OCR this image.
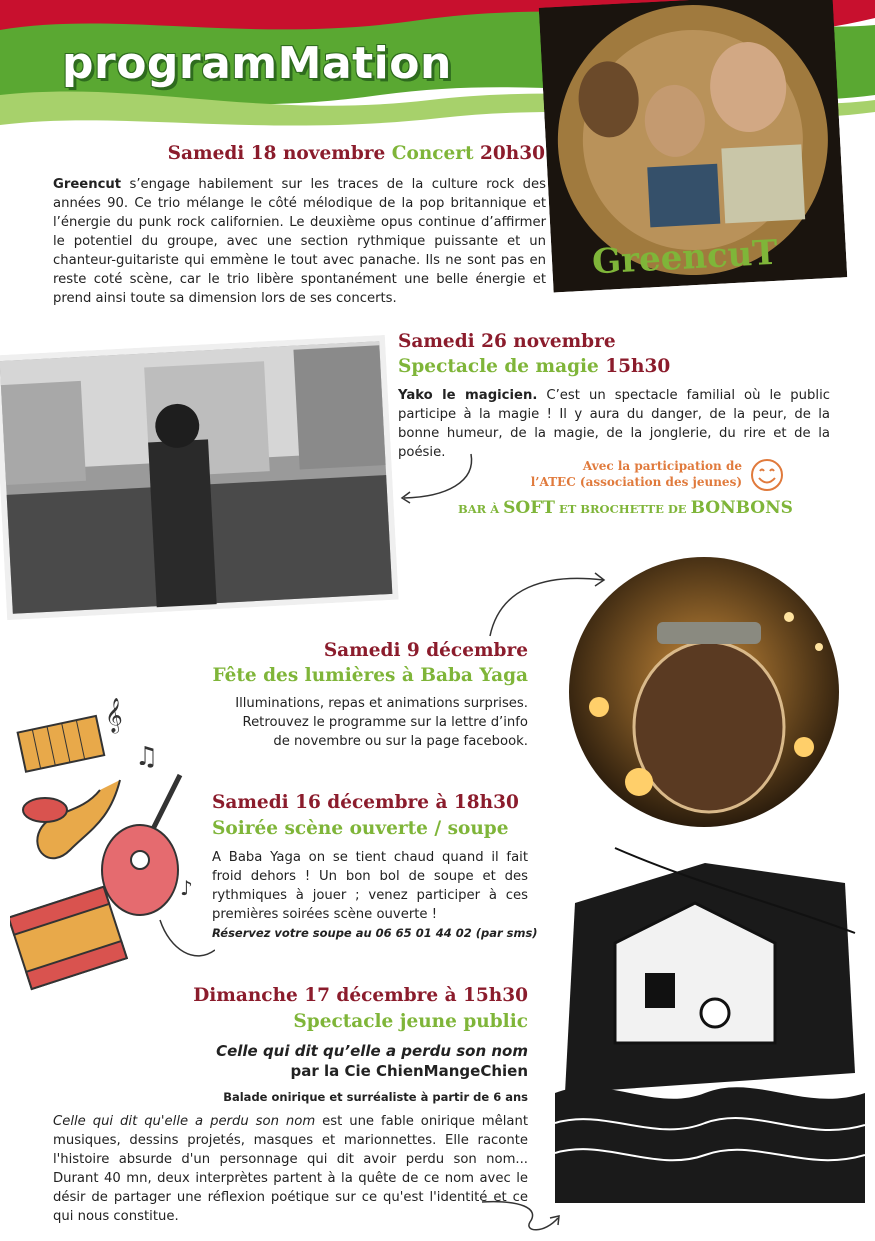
programMation
GreencuT
Samedi 18 novembre Concert 20h30
Greencut s’engage habilement sur les traces de la culture rock des années 90. Ce trio mélange le côté mélodique de la pop britannique et l’énergie du punk rock californien. Le deuxième opus continue d’affirmer le potentiel du groupe, avec une section rythmique puissante et un chanteur-guitariste qui emmène le tout avec panache. Ils ne sont pas en reste coté scène, car le trio libère spontanément une belle énergie et prend ainsi toute sa dimension lors de ses concerts.
Samedi 26 novembre
Spectacle de magie 15h30
Yako le magicien. C’est un spectacle familial où le public participe à la magie ! Il y aura du danger, de la peur, de la bonne humeur, de la magie, de la jonglerie, du rire et de la poésie.
Avec la participation de
l’ATEC (association des jeunes)
BAR À SOFT ET BROCHETTE DE BONBONS
Samedi 9 décembre
Fête des lumières à Baba Yaga
Illuminations, repas et animations surprises.
Retrouvez le programme sur la lettre d’info
de novembre ou sur la page facebook.
𝄞
♫
♪
Samedi 16 décembre à 18h30
Soirée scène ouverte / soupe
A Baba Yaga on se tient chaud quand il fait froid dehors ! Un bon bol de soupe et des rythmiques à jouer ; venez participer à ces premières soirées scène ouverte !
Réservez votre soupe au 06 65 01 44 02 (par sms)
Dimanche 17 décembre à 15h30
Spectacle jeune public
Celle qui dit qu’elle a perdu son nom
par la Cie ChienMangeChien
Balade onirique et surréaliste à partir de 6 ans
Celle qui dit qu'elle a perdu son nom est une fable onirique mêlant musiques, dessins projetés, masques et marionnettes. Elle raconte l'histoire absurde d'un personnage qui dit avoir perdu son nom... Durant 40 mn, deux interprètes partent à la quête de ce nom avec le désir de partager une réflexion poétique sur ce qu'est l'identité et ce qui nous constitue.
